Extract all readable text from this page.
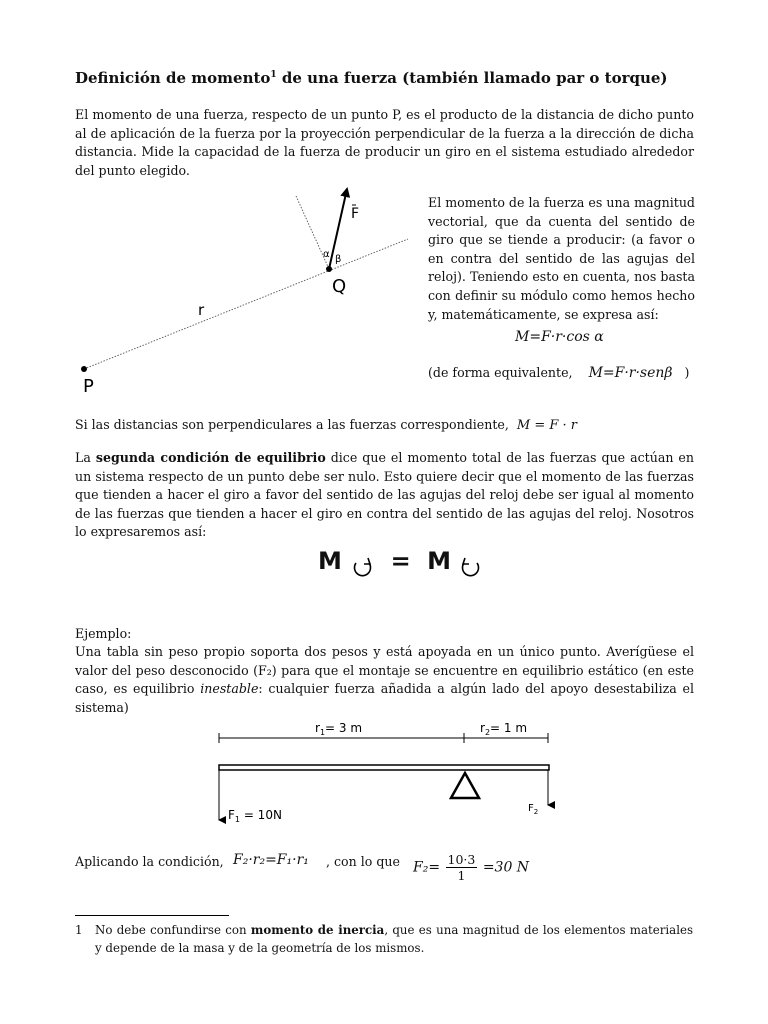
Definición de momento$^1$ de una fuerza (también llamado par o torque)
El momento de una fuerza, respecto de un punto P, es el producto de la distancia de dicho punto al de aplicación de la fuerza por la proyección perpendicular de la fuerza a la dirección de dicha distancia. Mide la capacidad de la fuerza de producir un giro en el sistema estudiado alrededor del punto elegido.
F
α β
Q
r
P
El momento de la fuerza es una magnitud vectorial, que da cuenta del sentido de giro que se tiende a producir: (a favor o en contra del sentido de las agujas del reloj). Teniendo esto en cuenta, nos basta con definir su módulo como hemos hecho y, matemáticamente, se expresa así:
M=F·r·cos α
(de forma equivalente, M=F·r·senβ )
Si las distancias son perpendiculares a las fuerzas correspondiente, M = F · r
La segunda condición de equilibrio dice que el momento total de las fuerzas que actúan en un sistema respecto de un punto debe ser nulo. Esto quiere decir que el momento de las fuerzas que tienden a hacer el giro a favor del sentido de las agujas del reloj debe ser igual al momento de las fuerzas que tienden a hacer el giro en contra del sentido de las agujas del reloj. Nosotros lo expresaremos así:
M = M
Ejemplo:
Una tabla sin peso propio soporta dos pesos y está apoyada en un único punto. Averígüese el valor del peso desconocido (F₂) para que el montaje se encuentre en equilibrio estático (en este caso, es equilibrio inestable: cualquier fuerza añadida a algún lado del apoyo desestabiliza el sistema)
$r_1= 3$ m	$r_2= 1$ m
$F_1 = 10N$	$F_2$
Aplicando la condición, F₂·r₂=F₁·r₁ , con lo que $F_2= \frac{10\cdot 3}{1} =30$ N
1 No debe confundirse con momento de inercia, que es una magnitud de los elementos materiales y depende de la masa y de la geometría de los mismos.
